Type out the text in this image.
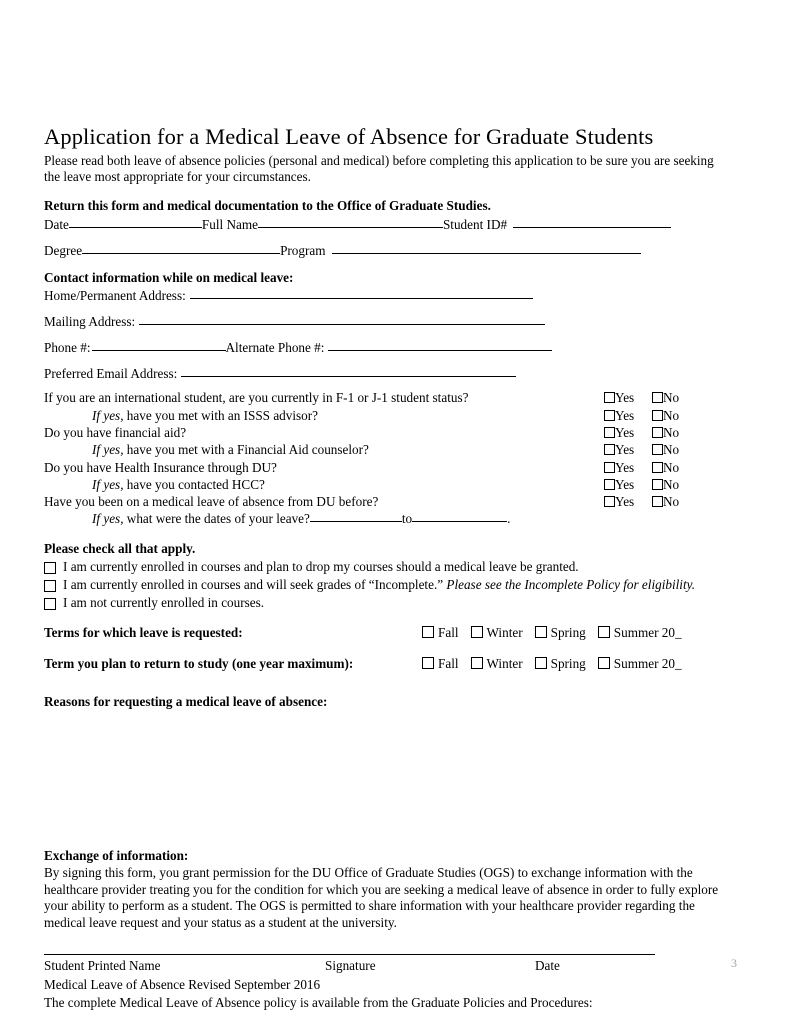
Application for a Medical Leave of Absence for Graduate Students

Please read both leave of absence policies (personal and medical) before completing this application to be sure you are seeking the leave most appropriate for your circumstances.

Return this form and medical documentation to the Office of Graduate Studies.
Date	Full Name	Student ID#
Degree	Program
Contact information while on medical leave:
Home/Permanent Address:
Mailing Address:
Phone #:	Alternate Phone #:
Preferred Email Address:
If you are an international student, are you currently in F-1 or J-1 student status?	Yes	No
If yes, have you met with an ISSS advisor?	Yes	No
Do you have financial aid?	Yes	No
If yes, have you met with a Financial Aid counselor?	Yes	No
Do you have Health Insurance through DU?	Yes	No
If yes, have you contacted HCC?	Yes	No
Have you been on a medical leave of absence from DU before?	Yes	No
If yes, what were the dates of your leave?	to	.
Please check all that apply.
I am currently enrolled in courses and plan to drop my courses should a medical leave be granted.
I am currently enrolled in courses and will seek grades of “Incomplete.” Please see the Incomplete Policy for eligibility.
I am not currently enrolled in courses.
Terms for which leave is requested:	Fall Winter Spring Summer 20_
Term you plan to return to study (one year maximum):	Fall Winter Spring Summer 20_
Reasons for requesting a medical leave of absence:
Exchange of information:

By signing this form, you grant permission for the DU Office of Graduate Studies (OGS) to exchange information with the healthcare provider treating you for the condition for which you are seeking a medical leave of absence in order to fully explore your ability to perform as a student. The OGS is permitted to share information with your healthcare provider regarding the medical leave request and your status as a student at the university.

Student Printed Name	Signature	Date
Medical Leave of Absence Revised September 2016
The complete Medical Leave of Absence policy is available from the Graduate Policies and Procedures:
3
